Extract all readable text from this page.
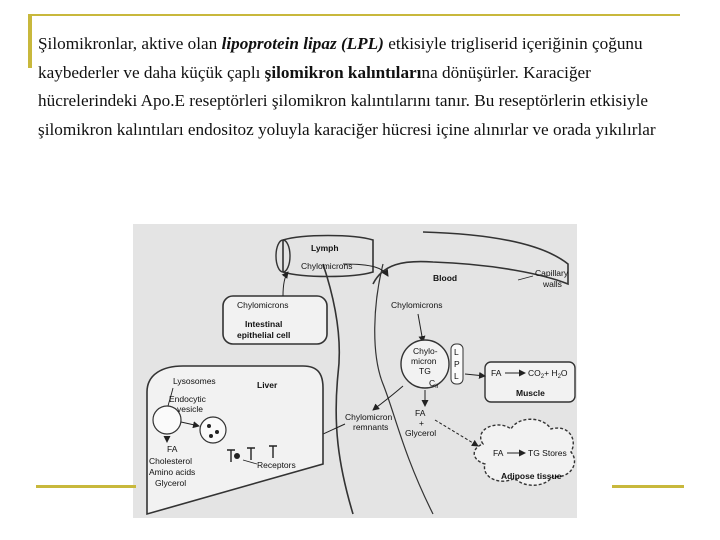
Şilomikronlar, aktive olan lipoprotein lipaz (LPL) etkisiyle trigliserid içeriğinin çoğunu kaybederler ve daha küçük çaplı şilomikron kalıntılarına dönüşürler. Karaciğer hücrelerindeki Apo.E reseptörleri şilomikron kalıntılarını tanır. Bu reseptörlerin etkisiyle şilomikron kalıntıları endositoz yoluyla karaciğer hücresi içine alınırlar ve orada yıkılırlar

Lymph
Chylomicrons
Blood	Capillary
walls
Chylomicrons
Chylomicrons
Intestinal
epithelial cell
Chylo-
micron
TG
$C_{II}$
L
P
L	FA	$CO_2+ H_2O$
Muscle
FA
+
Glycerol
Chylomicron
remnants
FA	TG Stores
Adipose tissue
Lysosomes	Liver
Endocytic
vesicle
FA
Cholesterol
Amino acids
Glycerol
Receptors
